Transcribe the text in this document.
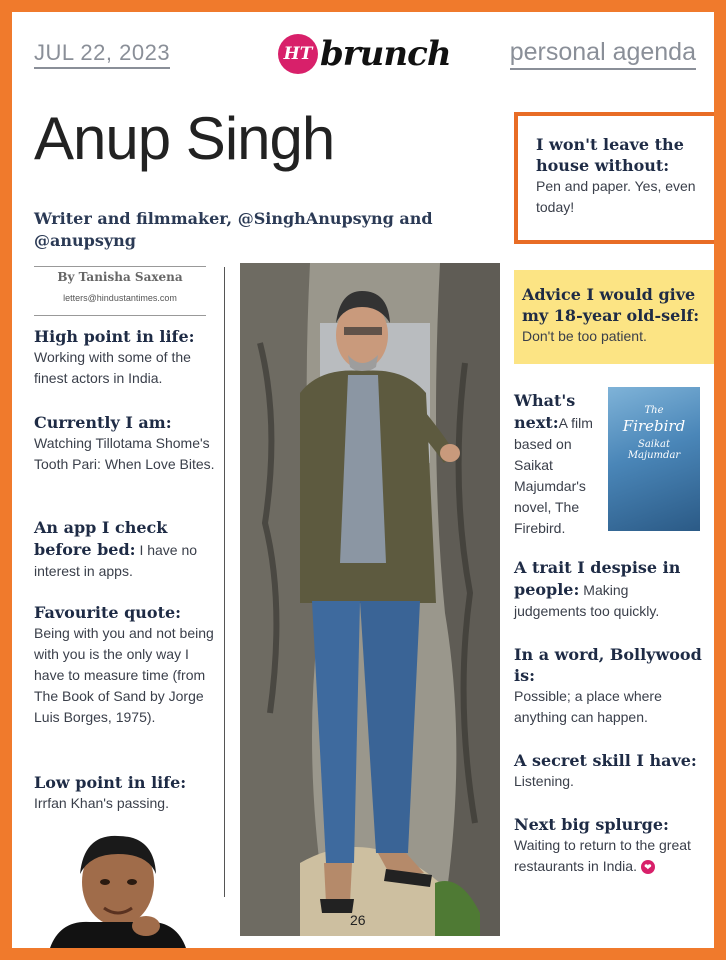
JUL 22, 2023	HT brunch personal agenda
Anup Singh
Writer and filmmaker, @SinghAnupsyng and @anupsyng
By Tanisha Saxena
letters@hindustantimes.com
High point in life:
Working with some of the finest actors in India.
Currently I am:
Watching Tillotama Shome's Tooth Pari: When Love Bites.
An app I check before bed: I have no interest in apps.
Favourite quote:
Being with you and not being with you is the only way I have to measure time (from The Book of Sand by Jorge Luis Borges, 1975).
Low point in life:
Irrfan Khan's passing.
26
I won't leave the house without:
Pen and paper. Yes, even today!
Advice I would give my 18-year old-self:
Don't be too patient.
What's next:A film based on Saikat Majumdar's novel, The Firebird.
The
Firebird
Saikat
Majumdar
A trait I despise in people: Making judgements too quickly.
In a word, Bollywood is:
Possible; a place where anything can happen.
A secret skill I have:
Listening.
Next big splurge:
Waiting to return to the great restaurants in India. ❤
